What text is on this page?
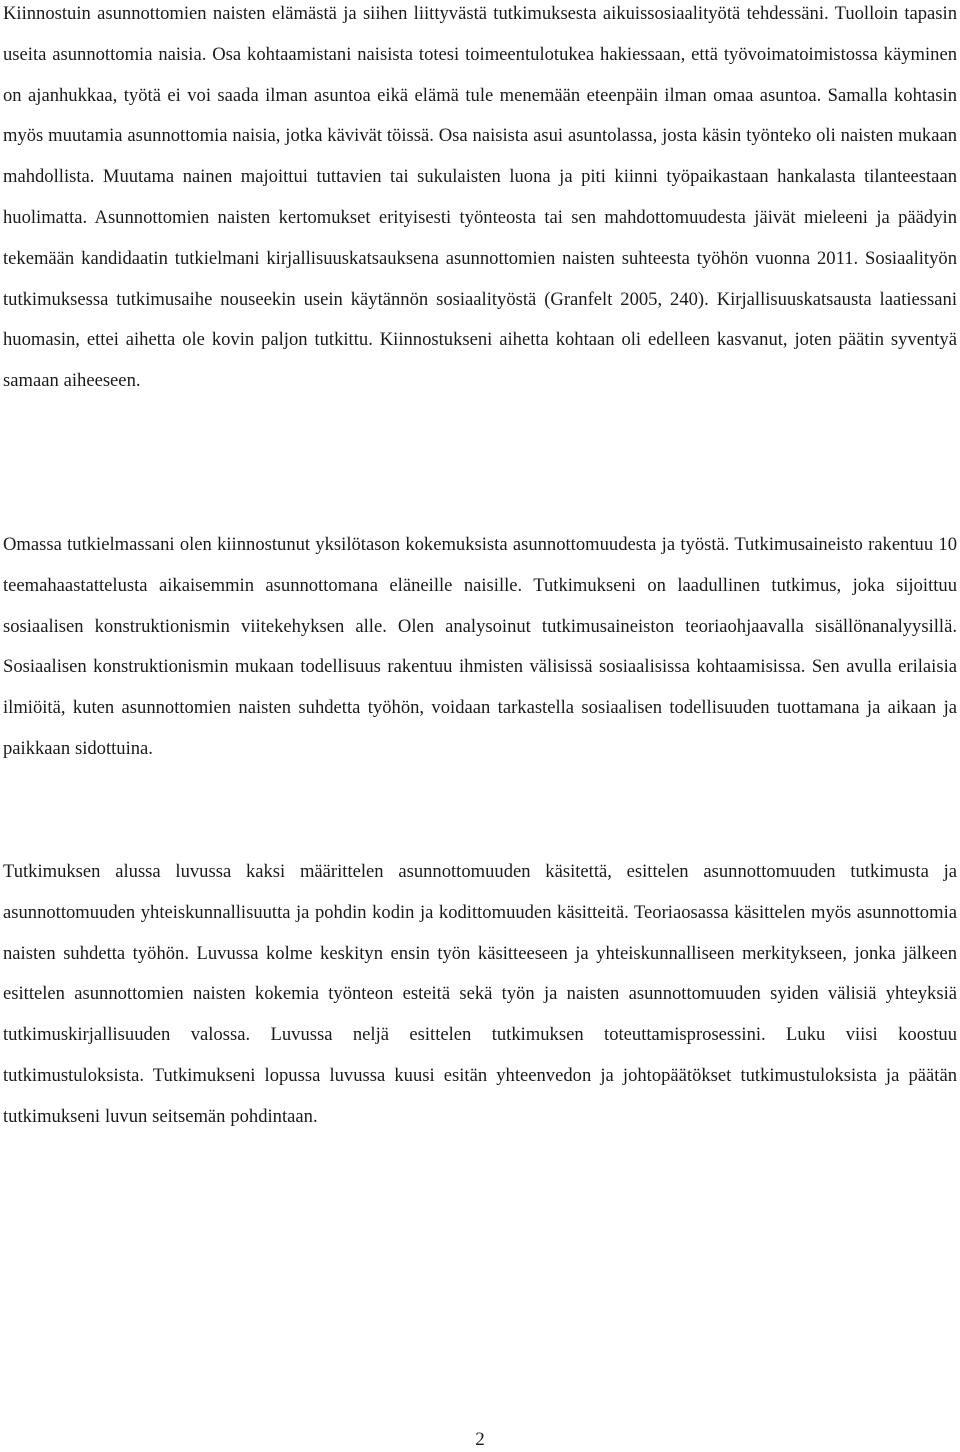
Kiinnostuin asunnottomien naisten elämästä ja siihen liittyvästä tutkimuksesta aikuissosiaalityötä tehdessäni. Tuolloin tapasin useita asunnottomia naisia. Osa kohtaamistani naisista totesi toimeentulotukea hakiessaan, että työvoimatoimistossa käyminen on ajanhukkaa, työtä ei voi saada ilman asuntoa eikä elämä tule menemään eteenpäin ilman omaa asuntoa. Samalla kohtasin myös muutamia asunnottomia naisia, jotka kävivät töissä. Osa naisista asui asuntolassa, josta käsin työnteko oli naisten mukaan mahdollista. Muutama nainen majoittui tuttavien tai sukulaisten luona ja piti kiinni työpaikastaan hankalasta tilanteestaan huolimatta. Asunnottomien naisten kertomukset erityisesti työnteosta tai sen mahdottomuudesta jäivät mieleeni ja päädyin tekemään kandidaatin tutkielmani kirjallisuuskatsauksena asunnottomien naisten suhteesta työhön vuonna 2011. Sosiaalityön tutkimuksessa tutkimusaihe nouseekin usein käytännön sosiaalityöstä (Granfelt 2005, 240). Kirjallisuuskatsausta laatiessani huomasin, ettei aihetta ole kovin paljon tutkittu. Kiinnostukseni aihetta kohtaan oli edelleen kasvanut, joten päätin syventyä samaan aiheeseen.

Omassa tutkielmassani olen kiinnostunut yksilötason kokemuksista asunnottomuudesta ja työstä. Tutkimusaineisto rakentuu 10 teemahaastattelusta aikaisemmin asunnottomana eläneille naisille. Tutkimukseni on laadullinen tutkimus, joka sijoittuu sosiaalisen konstruktionismin viitekehyksen alle. Olen analysoinut tutkimusaineiston teoriaohjaavalla sisällönanalyysillä. Sosiaalisen konstruktionismin mukaan todellisuus rakentuu ihmisten välisissä sosiaalisissa kohtaamisissa. Sen avulla erilaisia ilmiöitä, kuten asunnottomien naisten suhdetta työhön, voidaan tarkastella sosiaalisen todellisuuden tuottamana ja aikaan ja paikkaan sidottuina.

Tutkimuksen alussa luvussa kaksi määrittelen asunnottomuuden käsitettä, esittelen asunnottomuuden tutkimusta ja asunnottomuuden yhteiskunnallisuutta ja pohdin kodin ja kodittomuuden käsitteitä. Teoriaosassa käsittelen myös asunnottomia naisten suhdetta työhön. Luvussa kolme keskityn ensin työn käsitteeseen ja yhteiskunnalliseen merkitykseen, jonka jälkeen esittelen asunnottomien naisten kokemia työnteon esteitä sekä työn ja naisten asunnottomuuden syiden välisiä yhteyksiä tutkimuskirjallisuuden valossa. Luvussa neljä esittelen tutkimuksen toteuttamisprosessini. Luku viisi koostuu tutkimustuloksista. Tutkimukseni lopussa luvussa kuusi esitän yhteenvedon ja johtopäätökset tutkimustuloksista ja päätän tutkimukseni luvun seitsemän pohdintaan.

2
